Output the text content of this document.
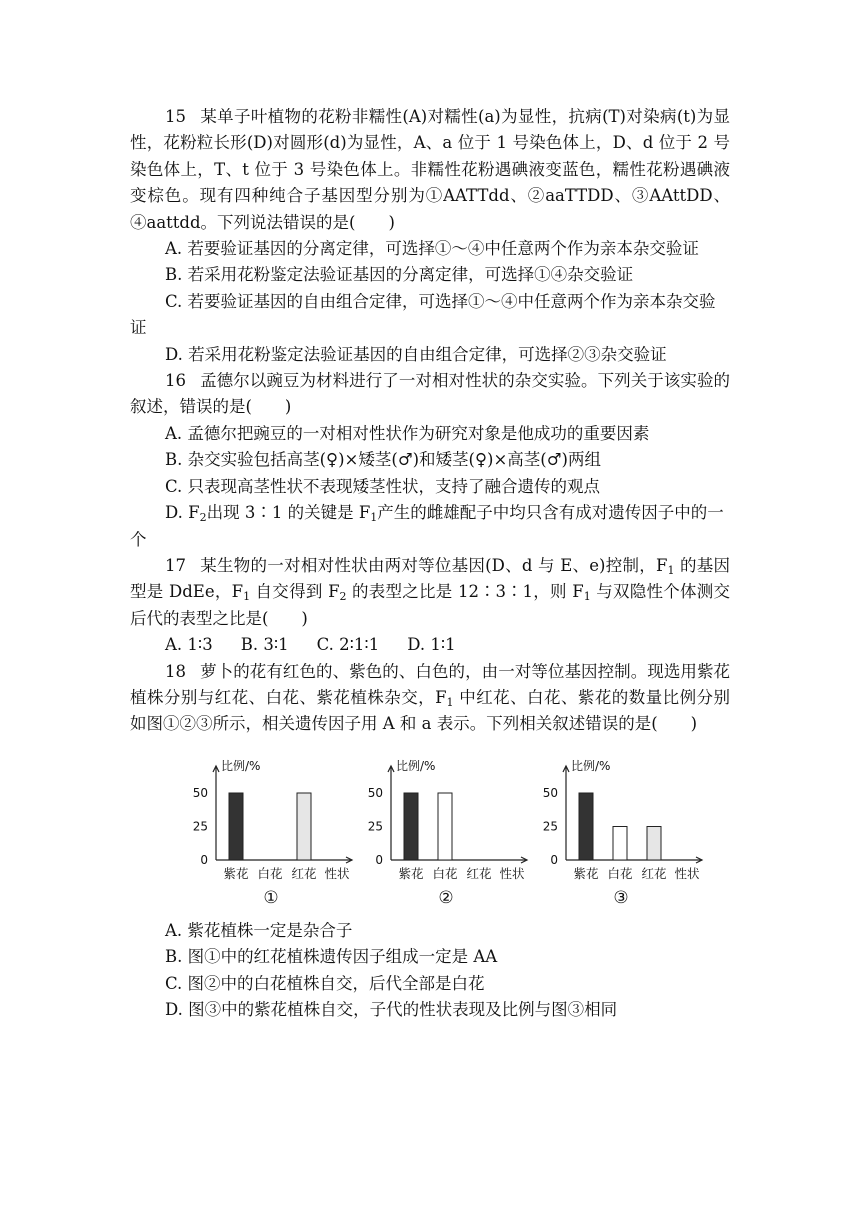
15 某单子叶植物的花粉非糯性(A)对糯性(a)为显性，抗病(T)对染病(t)为显性，花粉粒长形(D)对圆形(d)为显性，A、a 位于 1 号染色体上，D、d 位于 2 号染色体上，T、t 位于 3 号染色体上。非糯性花粉遇碘液变蓝色，糯性花粉遇碘液变棕色。现有四种纯合子基因型分别为①AATTdd、②aaTTDD、③AAttDD、④aattdd。下列说法错误的是(　　)

A. 若要验证基因的分离定律，可选择①～④中任意两个作为亲本杂交验证

B. 若采用花粉鉴定法验证基因的分离定律，可选择①④杂交验证

C. 若要验证基因的自由组合定律，可选择①～④中任意两个作为亲本杂交验证

D. 若采用花粉鉴定法验证基因的自由组合定律，可选择②③杂交验证

16 孟德尔以豌豆为材料进行了一对相对性状的杂交实验。下列关于该实验的叙述，错误的是(　　)

A. 孟德尔把豌豆的一对相对性状作为研究对象是他成功的重要因素

B. 杂交实验包括高茎(♀)×矮茎(♂)和矮茎(♀)×高茎(♂)两组

C. 只表现高茎性状不表现矮茎性状，支持了融合遗传的观点

D. $F_2$出现 3∶1 的关键是 $F_1$产生的雌雄配子中均只含有成对遗传因子中的一个

17 某生物的一对相对性状由两对等位基因(D、d 与 E、e)控制，$F_1$ 的基因型是 DdEe，$F_1$ 自交得到 $F_2$ 的表型之比是 12∶3∶1，则 $F_1$ 与双隐性个体测交后代的表型之比是(　　)

A. 1∶3 B. 3∶1 C. 2∶1∶1 D. 1∶1

18 萝卜的花有红色的、紫色的、白色的，由一对等位基因控制。现选用紫花植株分别与红花、白花、紫花植株杂交，$F_1$ 中红花、白花、紫花的数量比例分别如图①②③所示，相关遗传因子用 A 和 a 表示。下列相关叙述错误的是(　　)

比例/%
0
25
50
紫花 白花 红花 性状
①
比例/%
0
25
50
紫花 白花 红花 性状
②
比例/%
0
25
50
紫花 白花 红花 性状
③

A. 紫花植株一定是杂合子

B. 图①中的红花植株遗传因子组成一定是 AA

C. 图②中的白花植株自交，后代全部是白花

D. 图③中的紫花植株自交，子代的性状表现及比例与图③相同
